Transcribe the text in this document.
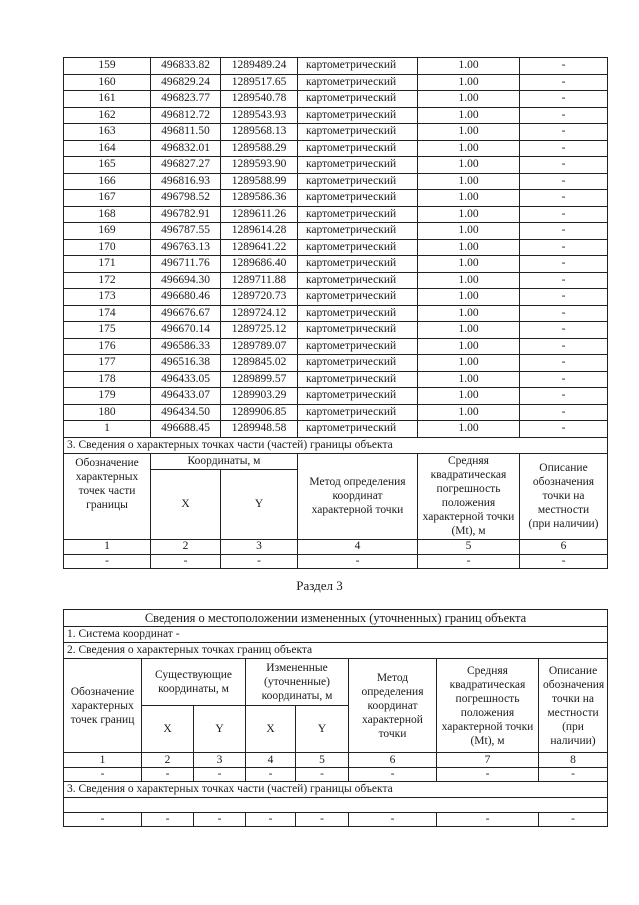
159	496833.82	1289489.24	картометрический	1.00	-
160	496829.24	1289517.65	картометрический	1.00	-
161	496823.77	1289540.78	картометрический	1.00	-
162	496812.72	1289543.93	картометрический	1.00	-
163	496811.50	1289568.13	картометрический	1.00	-
164	496832.01	1289588.29	картометрический	1.00	-
165	496827.27	1289593.90	картометрический	1.00	-
166	496816.93	1289588.99	картометрический	1.00	-
167	496798.52	1289586.36	картометрический	1.00	-
168	496782.91	1289611.26	картометрический	1.00	-
169	496787.55	1289614.28	картометрический	1.00	-
170	496763.13	1289641.22	картометрический	1.00	-
171	496711.76	1289686.40	картометрический	1.00	-
172	496694.30	1289711.88	картометрический	1.00	-
173	496680.46	1289720.73	картометрический	1.00	-
174	496676.67	1289724.12	картометрический	1.00	-
175	496670.14	1289725.12	картометрический	1.00	-
176	496586.33	1289789.07	картометрический	1.00	-
177	496516.38	1289845.02	картометрический	1.00	-
178	496433.05	1289899.57	картометрический	1.00	-
179	496433.07	1289903.29	картометрический	1.00	-
180	496434.50	1289906.85	картометрический	1.00	-
1	496688.45	1289948.58	картометрический	1.00	-
3. Сведения о характерных точках части (частей) границы объекта					
Обозначение характерных точек части границы	Координаты, м		Метод определения координат характерной точки	Средняя квадратическая погрешность положения характерной точки (Mt), м	Описание обозначения точки на местности (при наличии)
	X	Y			
1	2	3	4	5	6
-	-	-	-	-	-
Раздел 3
Сведения о местоположении измененных (уточненных) границ объекта							
1. Система координат -							
2. Сведения о характерных точках границ объекта							
Обозначение характерных точек границ	Существующие координаты, м		Измененные (уточненные) координаты, м		Метод определения координат характерной точки	Средняя квадратическая погрешность положения характерной точки (Mt), м	Описание обозначения точки на местности (при наличии)
	X	Y	X	Y			
1	2	3	4	5	6	7	8
-	-	-	-	-	-	-	-
3. Сведения о характерных точках части (частей) границы объекта							

-	-	-	-	-	-	-	-
